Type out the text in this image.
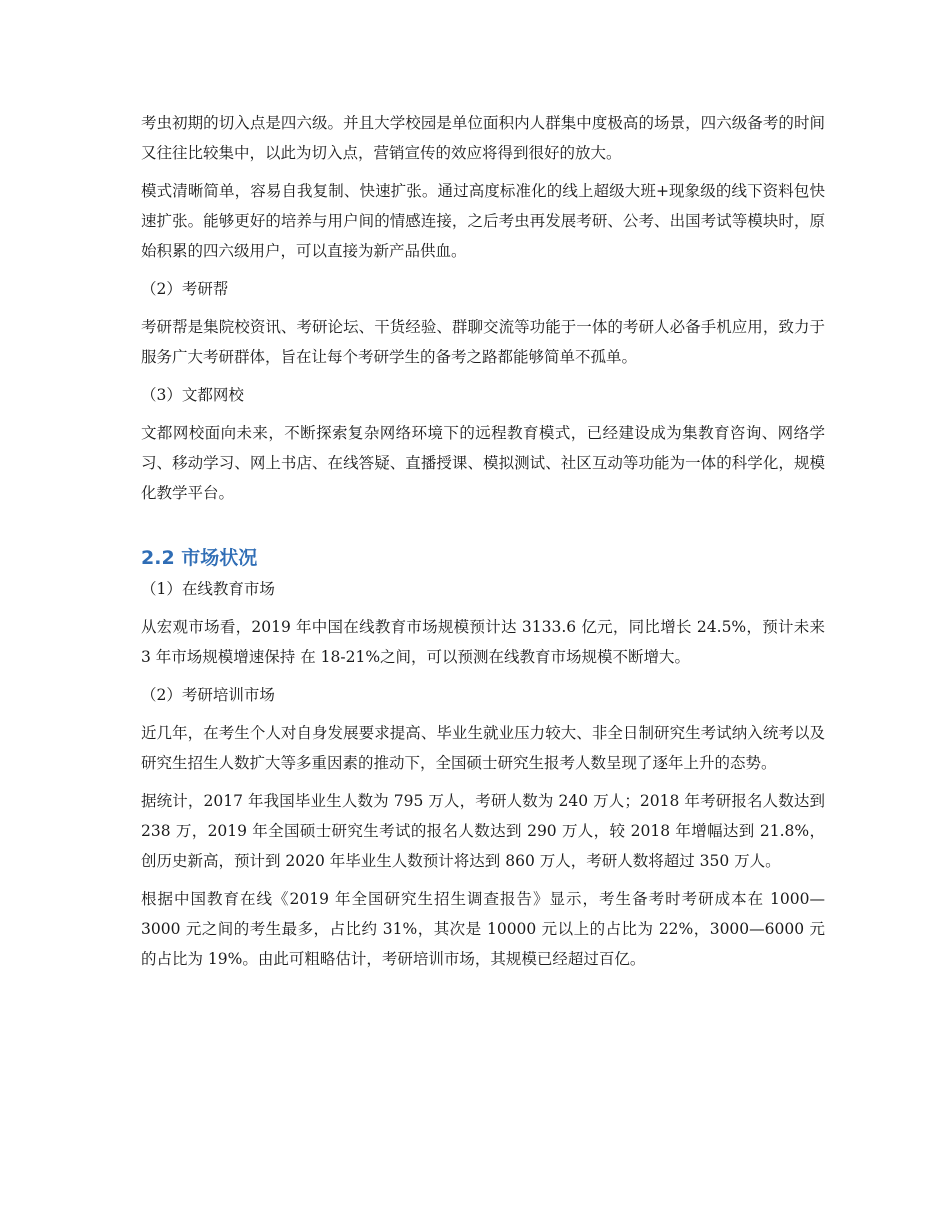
考虫初期的切入点是四六级。并且大学校园是单位面积内人群集中度极高的场景，四六级备考的时间又往往比较集中，以此为切入点，营销宣传的效应将得到很好的放大。

模式清晰简单，容易自我复制、快速扩张。通过高度标准化的线上超级大班+现象级的线下资料包快速扩张。能够更好的培养与用户间的情感连接，之后考虫再发展考研、公考、出国考试等模块时，原始积累的四六级用户，可以直接为新产品供血。

（2）考研帮

考研帮是集院校资讯、考研论坛、干货经验、群聊交流等功能于一体的考研人必备手机应用，致力于服务广大考研群体，旨在让每个考研学生的备考之路都能够简单不孤单。

（3）文都网校

文都网校面向未来，不断探索复杂网络环境下的远程教育模式，已经建设成为集教育咨询、网络学习、移动学习、网上书店、在线答疑、直播授课、模拟测试、社区互动等功能为一体的科学化，规模化教学平台。

2.2 市场状况

（1）在线教育市场

从宏观市场看，2019 年中国在线教育市场规模预计达 3133.6 亿元，同比增长 24.5%，预计未来 3 年市场规模增速保持 在 18-21%之间，可以预测在线教育市场规模不断增大。

（2）考研培训市场

近几年，在考生个人对自身发展要求提高、毕业生就业压力较大、非全日制研究生考试纳入统考以及研究生招生人数扩大等多重因素的推动下，全国硕士研究生报考人数呈现了逐年上升的态势。

据统计，2017 年我国毕业生人数为 795 万人，考研人数为 240 万人；2018 年考研报名人数达到 238 万，2019 年全国硕士研究生考试的报名人数达到 290 万人，较 2018 年增幅达到 21.8%，创历史新高，预计到 2020 年毕业生人数预计将达到 860 万人，考研人数将超过 350 万人。

根据中国教育在线《2019 年全国研究生招生调查报告》显示，考生备考时考研成本在 1000—3000 元之间的考生最多，占比约 31%，其次是 10000 元以上的占比为 22%，3000—6000 元的占比为 19%。由此可粗略估计，考研培训市场，其规模已经超过百亿。
